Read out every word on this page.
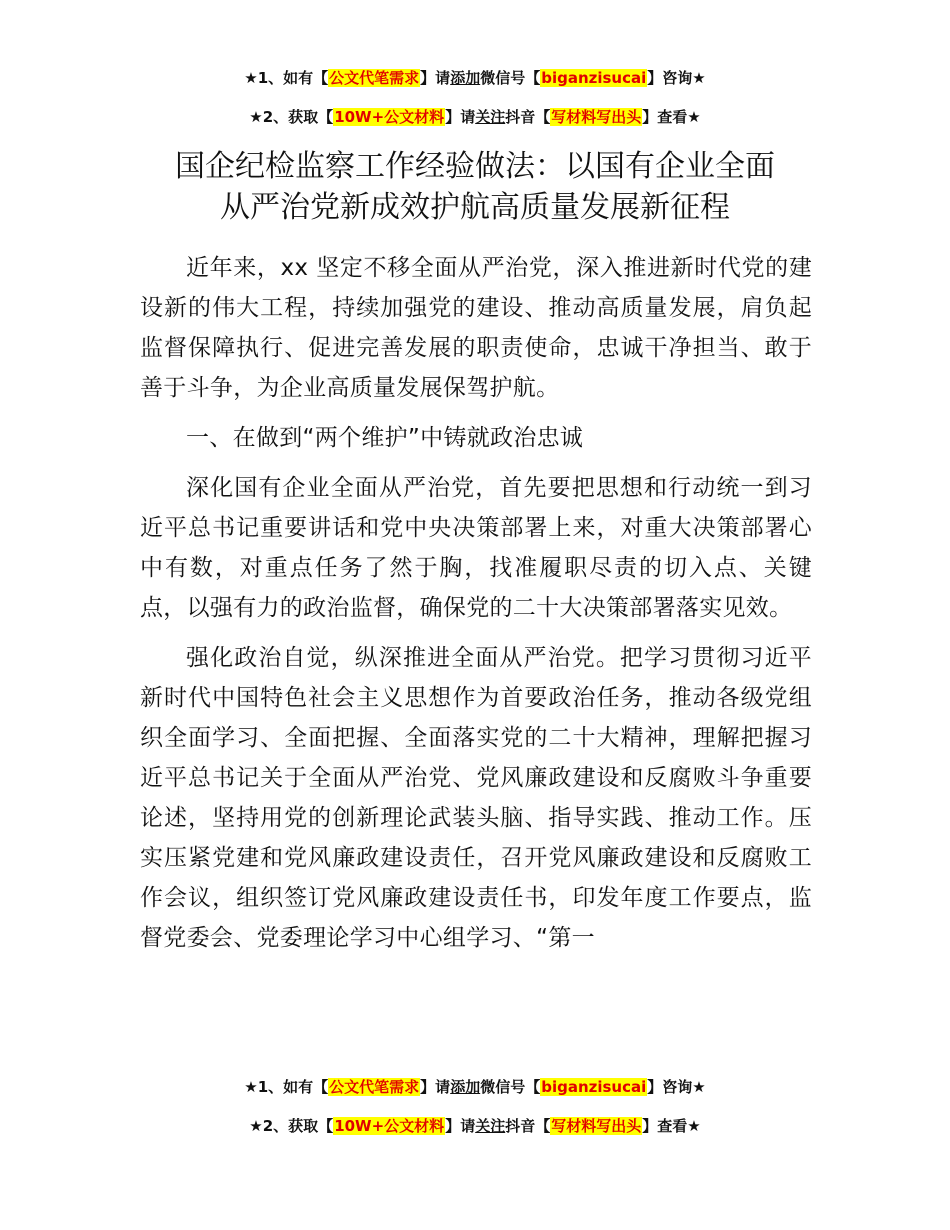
★1、如有【公文代笔需求】请添加微信号【biganzisucai】咨询★
★2、获取【10W+公文材料】请关注抖音【写材料写出头】查看★
国企纪检监察工作经验做法：以国有企业全面
从严治党新成效护航高质量发展新征程

近年来，xx 坚定不移全面从严治党，深入推进新时代党的建设新的伟大工程，持续加强党的建设、推动高质量发展，肩负起监督保障执行、促进完善发展的职责使命，忠诚干净担当、敢于善于斗争，为企业高质量发展保驾护航。

一、在做到“两个维护”中铸就政治忠诚

深化国有企业全面从严治党，首先要把思想和行动统一到习近平总书记重要讲话和党中央决策部署上来，对重大决策部署心中有数，对重点任务了然于胸，找准履职尽责的切入点、关键点，以强有力的政治监督，确保党的二十大决策部署落实见效。

强化政治自觉，纵深推进全面从严治党。把学习贯彻习近平新时代中国特色社会主义思想作为首要政治任务，推动各级党组织全面学习、全面把握、全面落实党的二十大精神，理解把握习近平总书记关于全面从严治党、党风廉政建设和反腐败斗争重要论述，坚持用党的创新理论武装头脑、指导实践、推动工作。压实压紧党建和党风廉政建设责任，召开党风廉政建设和反腐败工作会议，组织签订党风廉政建设责任书，印发年度工作要点，监督党委会、党委理论学习中心组学习、“第一

★1、如有【公文代笔需求】请添加微信号【biganzisucai】咨询★
★2、获取【10W+公文材料】请关注抖音【写材料写出头】查看★
